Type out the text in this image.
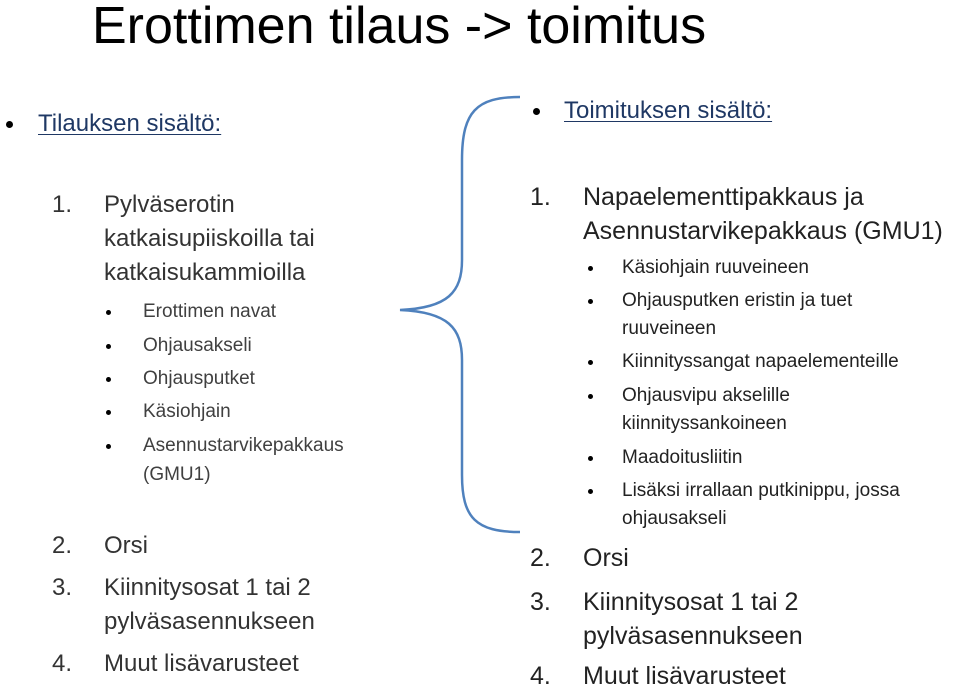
Erottimen tilaus -> toimitus
Tilauksen sisältö:
1. Pylväserotin
katkaisupiiskoilla tai
katkaisukammioilla
Erottimen navat
Ohjausakseli
Ohjausputket
Käsiohjain
Asennustarvikepakkaus
(GMU1)
2. Orsi
3. Kiinnitysosat 1 tai 2
pylväsasennukseen
4. Muut lisävarusteet
Toimituksen sisältö:
1. Napaelementtipakkaus ja
Asennustarvikepakkaus (GMU1)
Käsiohjain ruuveineen
Ohjausputken eristin ja tuet
ruuveineen
Kiinnityssangat napaelementeille
Ohjausvipu akselille
kiinnityssankoineen
Maadoitusliitin
Lisäksi irrallaan putkinippu, jossa
ohjausakseli
2. Orsi
3. Kiinnitysosat 1 tai 2
pylväsasennukseen
4. Muut lisävarusteet
